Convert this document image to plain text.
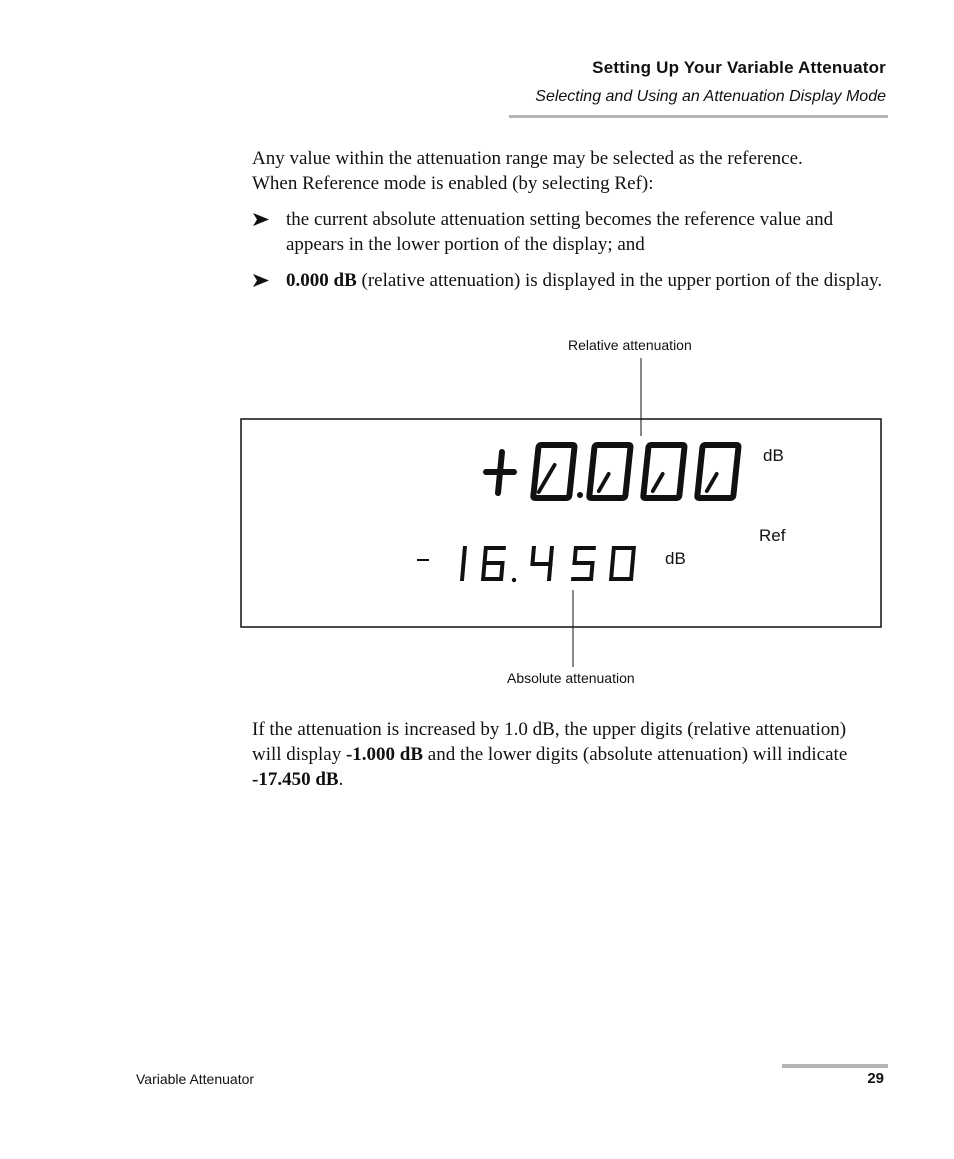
Setting Up Your Variable Attenuator
Selecting and Using an Attenuation Display Mode
Any value within the attenuation range may be selected as the reference.
When Reference mode is enabled (by selecting Ref):
the current absolute attenuation setting becomes the reference value and appears in the lower portion of the display; and
0.000 dB (relative attenuation) is displayed in the upper portion of the display.
Relative attenuation
Absolute attenuation
dB
Ref
dB
If the attenuation is increased by 1.0 dB, the upper digits (relative attenuation) will display -1.000 dB and the lower digits (absolute attenuation) will indicate -17.450 dB.
Variable Attenuator	29
